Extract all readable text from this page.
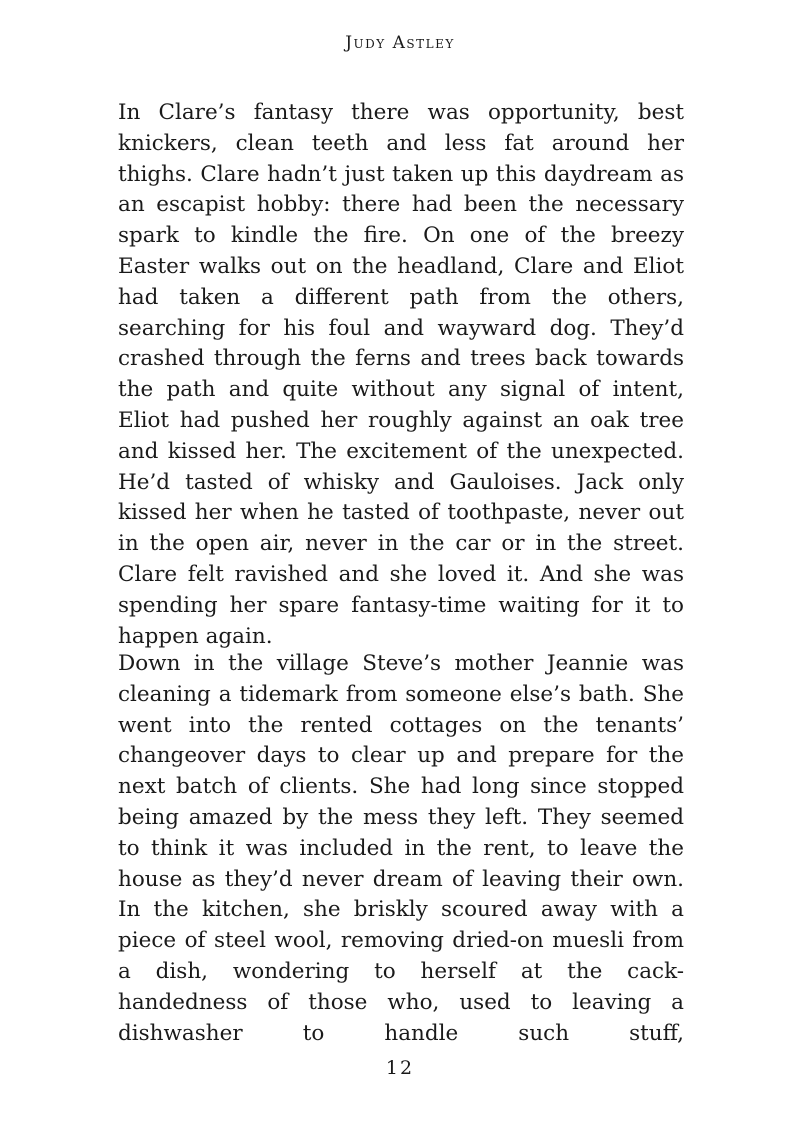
Judy Astley

In Clare’s fantasy there was opportunity, best knickers, clean teeth and less fat around her thighs. Clare hadn’t just taken up this daydream as an escapist hobby: there had been the necessary spark to kindle the fire. On one of the breezy Easter walks out on the headland, Clare and Eliot had taken a different path from the others, searching for his foul and wayward dog. They’d crashed through the ferns and trees back towards the path and quite without any signal of intent, Eliot had pushed her roughly against an oak tree and kissed her. The excitement of the unexpected. He’d tasted of whisky and Gauloises. Jack only kissed her when he tasted of toothpaste, never out in the open air, never in the car or in the street. Clare felt ravished and she loved it. And she was spending her spare fantasy-time waiting for it to happen again.

Down in the village Steve’s mother Jeannie was cleaning a tidemark from someone else’s bath. She went into the rented cottages on the tenants’ changeover days to clear up and prepare for the next batch of clients. She had long since stopped being amazed by the mess they left. They seemed to think it was included in the rent, to leave the house as they’d never dream of leaving their own. In the kitchen, she briskly scoured away with a piece of steel wool, removing dried-on muesli from a dish, wondering to herself at the cack-handedness of those who, used to leaving a dishwasher to handle such stuff,

12
